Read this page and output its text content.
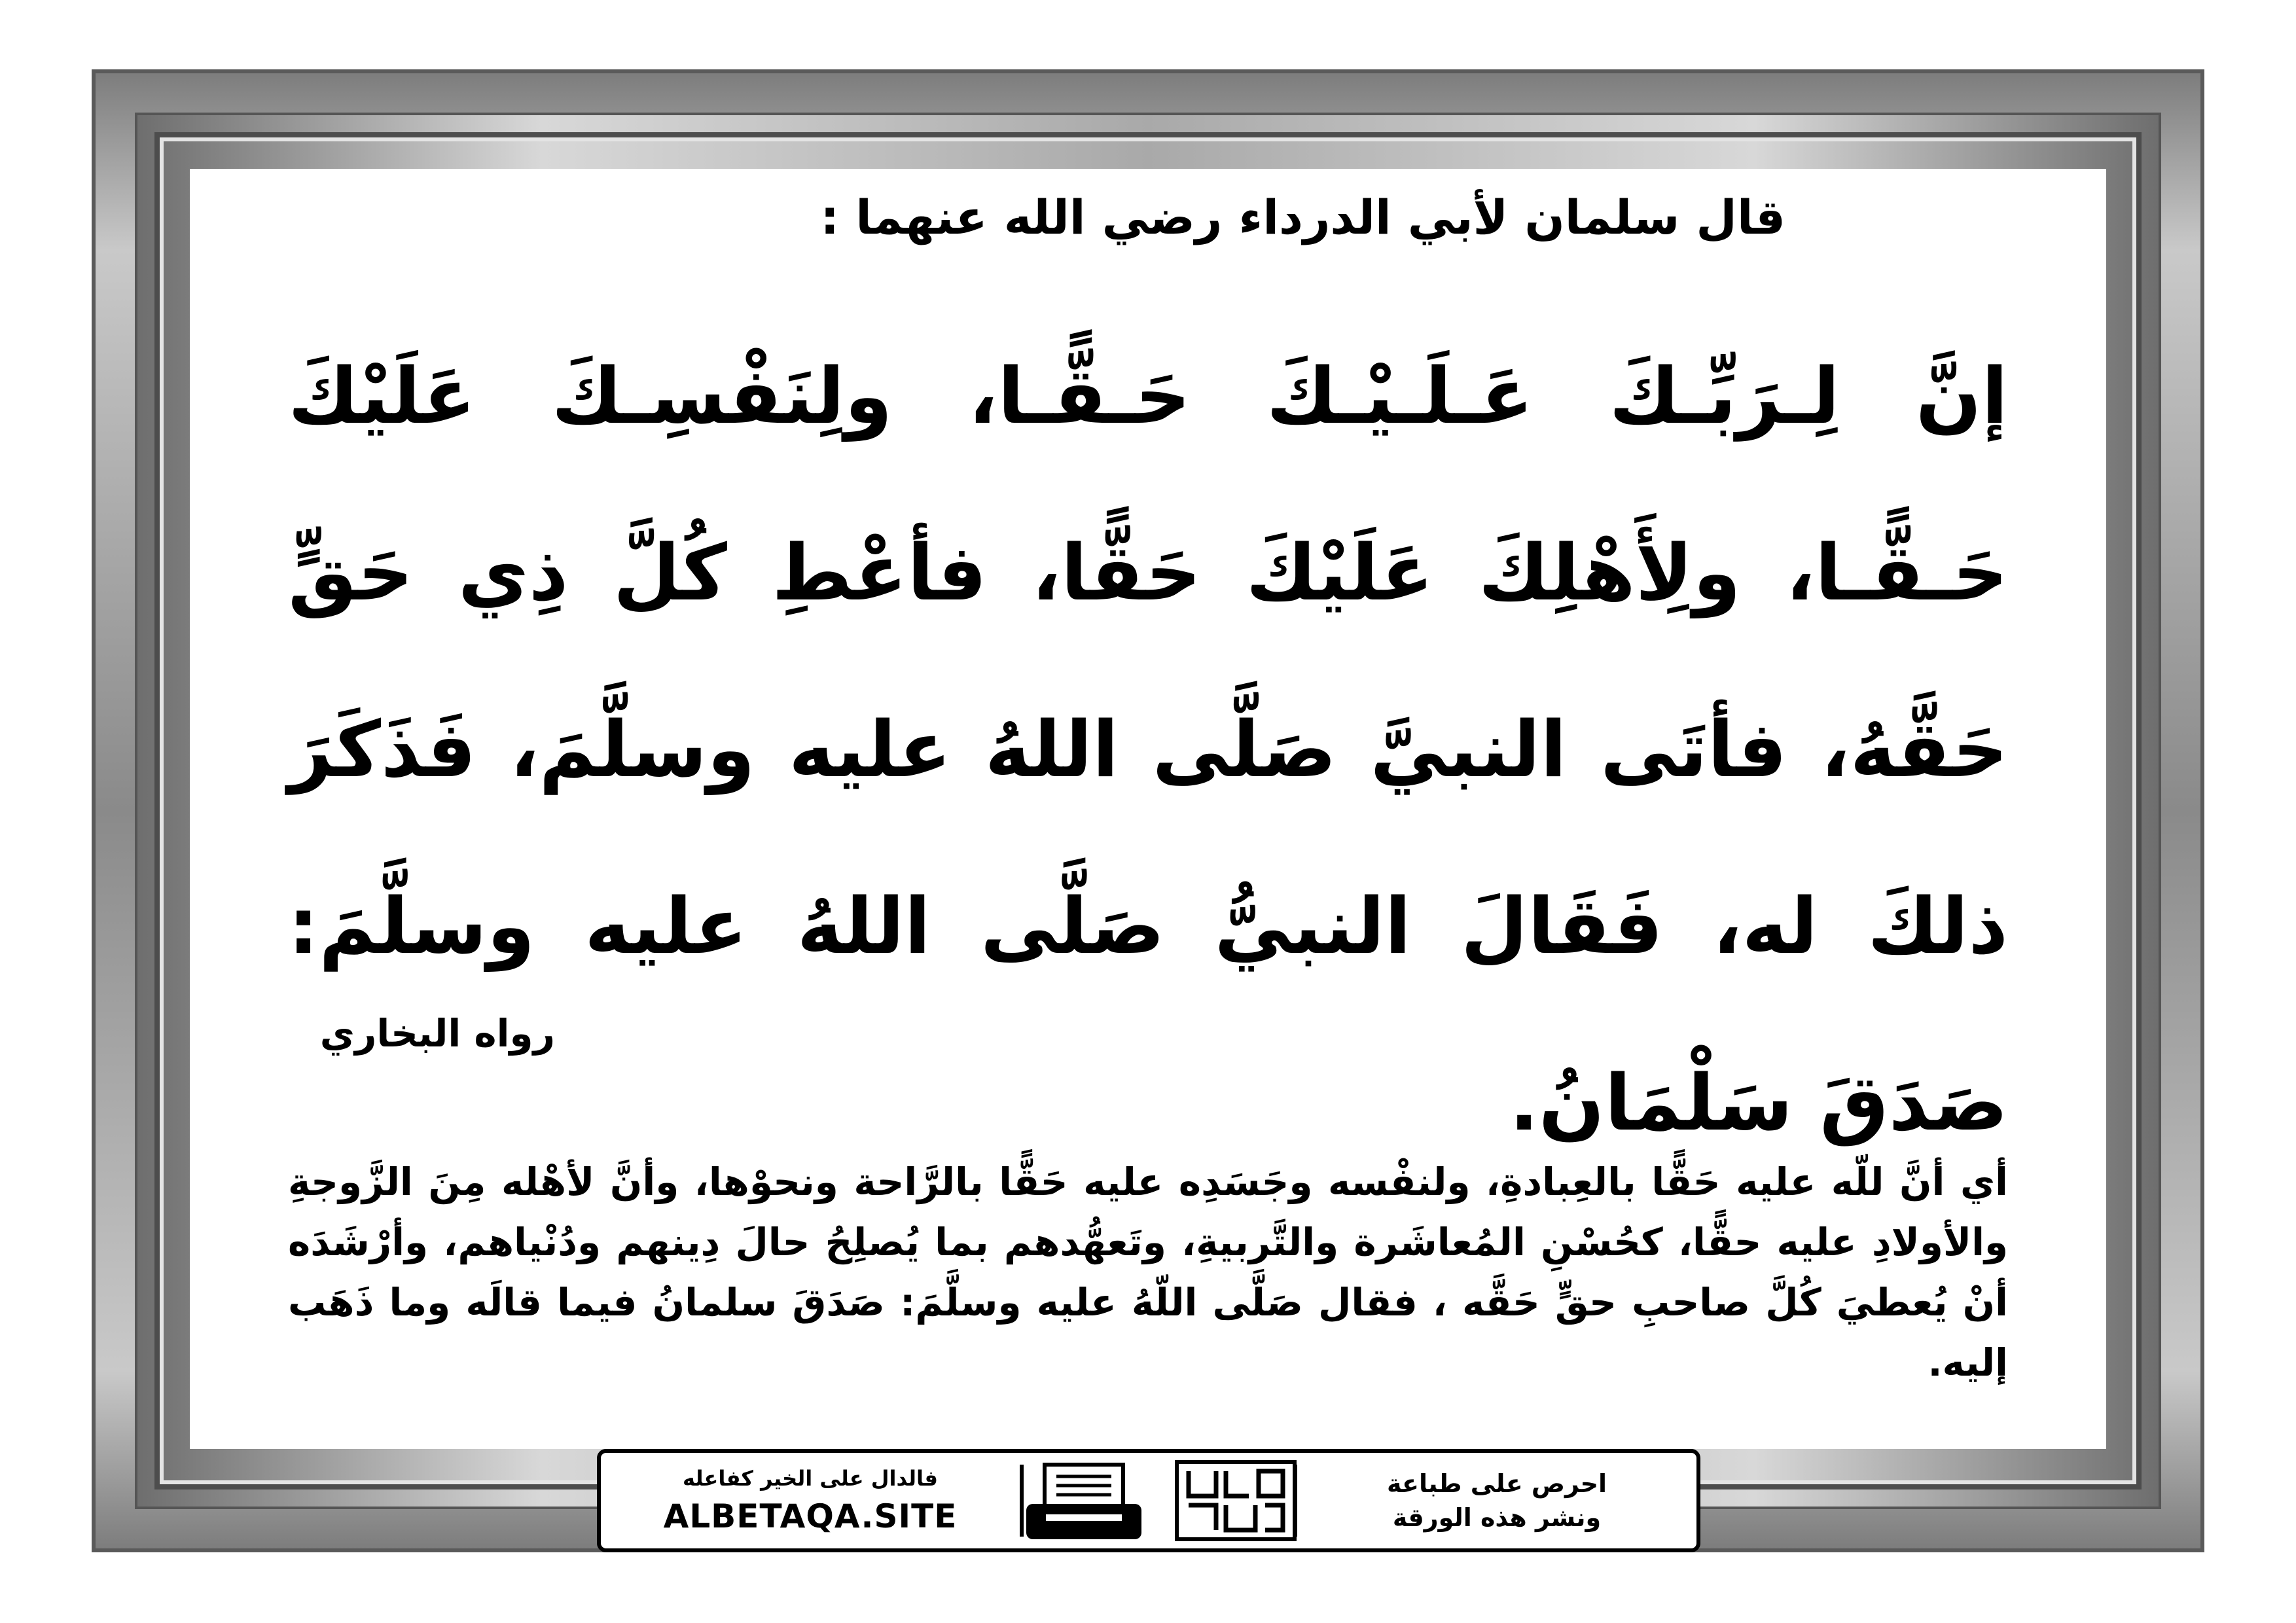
قال سلمان لأبي الدرداء رضي الله عنهما :
إنَّ لِـرَبِّـكَ عَـلَـيْـكَ حَـقًّـا، ولِنَفْسِـكَ عَلَيْكَ حَـقًّـا، ولِأَهْلِكَ عَلَيْكَ حَقًّا، فأعْطِ كُلَّ ذِي حَقٍّ حَقَّهُ، فأتَى النبيَّ صَلَّى اللهُ عليه وسلَّمَ، فَذَكَرَ ذلكَ له، فَقَالَ النبيُّ صَلَّى اللهُ عليه وسلَّمَ: صَدَقَ سَلْمَانُ.
رواه البخاري
أي أنَّ للّه عليه حَقًّا بالعِبادةِ، ولنفْسه وجَسَدِه عليه حَقًّا بالرَّاحة ونحوْها، وأنَّ لأهْله مِنَ الزَّوجةِ والأولادِ عليه حقًّا، كحُسْنِ المُعاشَرة والتَّربيةِ، وتَعهُّدهم بما يُصلِحُ حالَ دِينهم ودُنْياهم، وأرْشَدَه أنْ يُعطيَ كُلَّ صاحبِ حقٍّ حَقَّه ، فقال صَلَّى اللّهُ عليه وسلَّمَ: صَدَقَ سلمانُ فيما قالَه وما ذَهَب إليه.
احرص على طباعة
ونشر هذه الورقة
فالدال على الخير كفاعله
ALBETAQA.SITE
